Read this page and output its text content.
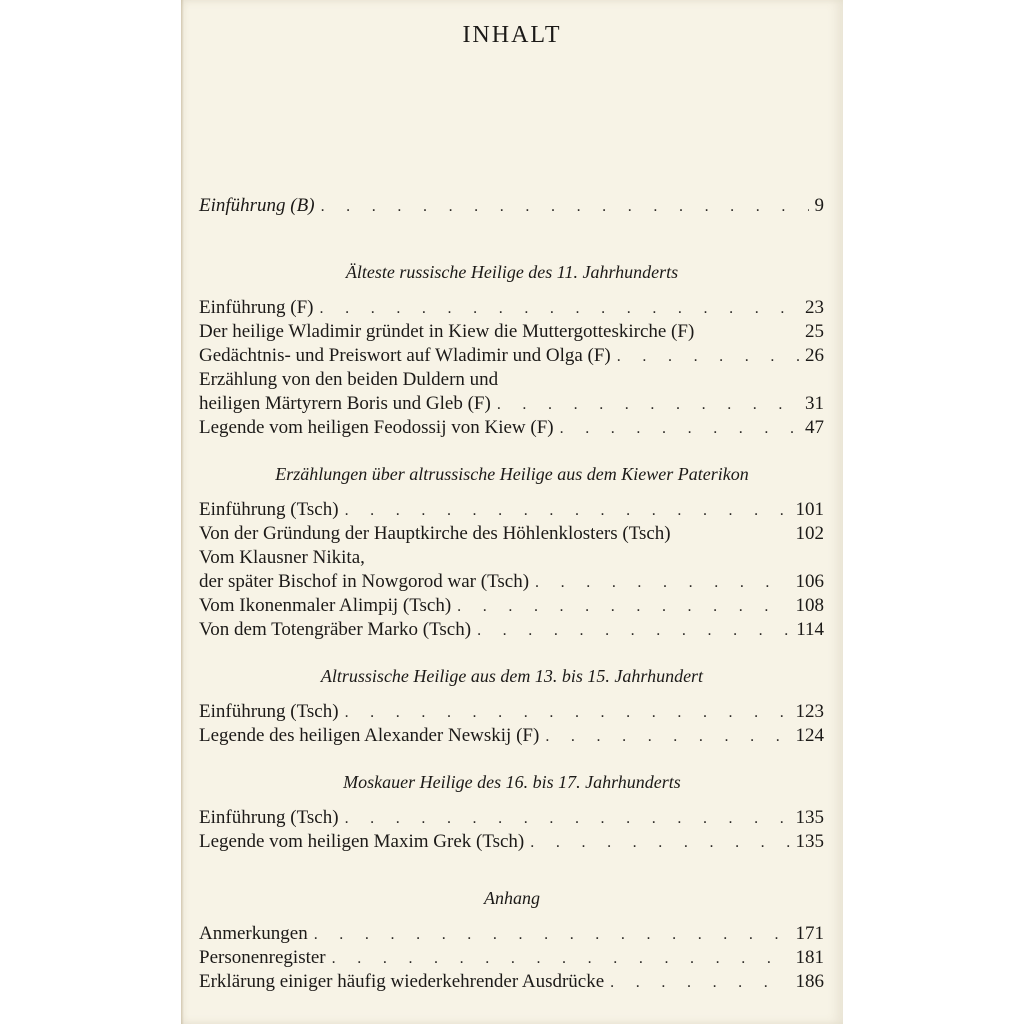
INHALT
Einführung (B) . . .	9
Älteste russische Heilige des 11. Jahrhunderts
Einführung (F) . . .	23
Der heilige Wladimir gründet in Kiew die Muttergotteskirche (F)	25
Gedächtnis- und Preiswort auf Wladimir und Olga (F) . . .	26
Erzählung von den beiden Duldern und
heiligen Märtyrern Boris und Gleb (F) . . .	31
Legende vom heiligen Feodossij von Kiew (F) . . .	47
Erzählungen über altrussische Heilige aus dem Kiewer Paterikon
Einführung (Tsch) . . .	101
Von der Gründung der Hauptkirche des Höhlenklosters (Tsch)	102
Vom Klausner Nikita,
der später Bischof in Nowgorod war (Tsch) . . .	106
Vom Ikonenmaler Alimpij (Tsch) . . .	108
Von dem Totengräber Marko (Tsch) . . .	114
Altrussische Heilige aus dem 13. bis 15. Jahrhundert
Einführung (Tsch) . . .	123
Legende des heiligen Alexander Newskij (F) . . .	124
Moskauer Heilige des 16. bis 17. Jahrhunderts
Einführung (Tsch) . . .	135
Legende vom heiligen Maxim Grek (Tsch) . . .	135
Anhang
Anmerkungen . . .	171
Personenregister . . .	181
Erklärung einiger häufig wiederkehrender Ausdrücke . . .	186
